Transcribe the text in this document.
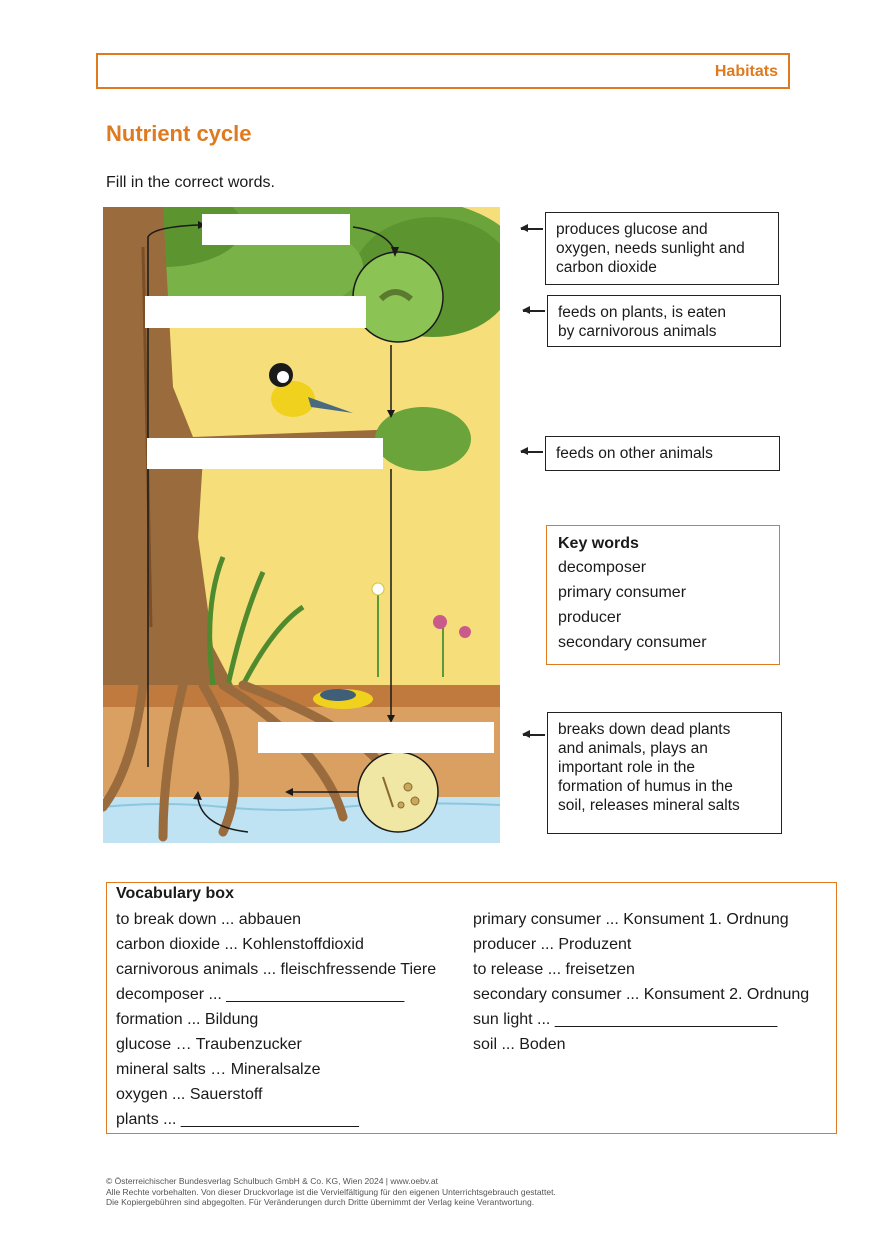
Habitats
Nutrient cycle
Fill in the correct words.
produces glucose and
oxygen, needs sunlight and
carbon dioxide
feeds on plants, is eaten
by carnivorous animals
feeds on other animals
breaks down dead plants
and animals, plays an
important role in the
formation of humus in the
soil, releases mineral salts
Key words
decomposer
primary consumer
producer
secondary consumer
Vocabulary box
to break down ... abbauen
carbon dioxide ... Kohlenstoffdioxid
carnivorous animals ... fleischfressende Tiere
decomposer ... ____________________
formation ... Bildung
glucose … Traubenzucker
mineral salts … Mineralsalze
oxygen ... Sauerstoff
plants ... ____________________
primary consumer ... Konsument 1. Ordnung
producer ... Produzent
to release ... freisetzen
secondary consumer ... Konsument 2. Ordnung
sun light ... _________________________
soil ... Boden
© Österreichischer Bundesverlag Schulbuch GmbH & Co. KG, Wien 2024 | www.oebv.at
Alle Rechte vorbehalten. Von dieser Druckvorlage ist die Vervielfältigung für den eigenen Unterrichtsgebrauch gestattet.
Die Kopiergebühren sind abgegolten. Für Veränderungen durch Dritte übernimmt der Verlag keine Verantwortung.
